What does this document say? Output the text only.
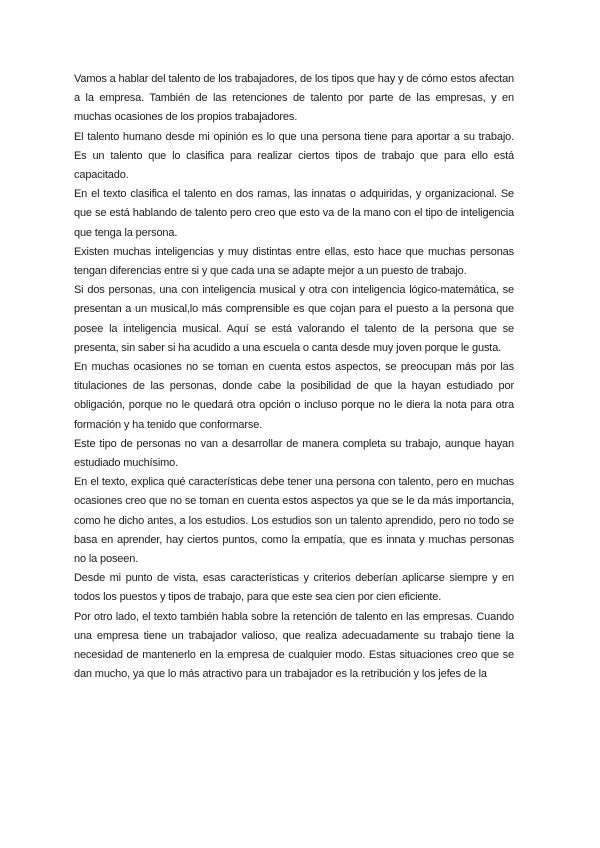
Vamos a hablar del talento de los trabajadores, de los tipos que hay y de cómo estos afectan a la empresa. También de las retenciones de talento por parte de las empresas, y en muchas ocasiones de los propios trabajadores.

El talento humano desde mi opinión es lo que una persona tiene para aportar a su trabajo. Es un talento que lo clasifica para realizar ciertos tipos de trabajo que para ello está capacitado.

En el texto clasifica el talento en dos ramas, las innatas o adquiridas, y organizacional. Se que se está hablando de talento pero creo que esto va de la mano con el tipo de inteligencia que tenga la persona.

Existen muchas inteligencias y muy distintas entre ellas, esto hace que muchas personas tengan diferencias entre si y que cada una se adapte mejor a un puesto de trabajo.

Si dos personas, una con inteligencia musical y otra con inteligencia lógico-matemática, se presentan a un musical,lo más comprensible es que cojan para el puesto a la persona que posee la inteligencia musical. Aquí se está valorando el talento de la persona que se presenta, sin saber si ha acudido a una escuela o canta desde muy joven porque le gusta.

En muchas ocasiones no se toman en cuenta estos aspectos, se preocupan más por las titulaciones de las personas, donde cabe la posibilidad de que la hayan estudiado por obligación, porque no le quedará otra opción o incluso porque no le diera la nota para otra formación y ha tenido que conformarse.

Este tipo de personas no van a desarrollar de manera completa su trabajo, aunque hayan estudiado muchísimo.

En el texto, explica qué características debe tener una persona con talento, pero en muchas ocasiones creo que no se toman en cuenta estos aspectos ya que se le da más importancia, como he dicho antes, a los estudios. Los estudios son un talento aprendido, pero no todo se basa en aprender, hay ciertos puntos, como la empatía, que es innata y muchas personas no la poseen.

Desde mi punto de vista, esas características y criterios deberían aplicarse siempre y en todos los puestos y tipos de trabajo, para que este sea cien por cien eficiente.

Por otro lado, el texto también habla sobre la retención de talento en las empresas. Cuando una empresa tiene un trabajador valioso, que realiza adecuadamente su trabajo tiene la necesidad de mantenerlo en la empresa de cualquier modo. Estas situaciones creo que se dan mucho, ya que lo más atractivo para un trabajador es la retribución y los jefes de la
